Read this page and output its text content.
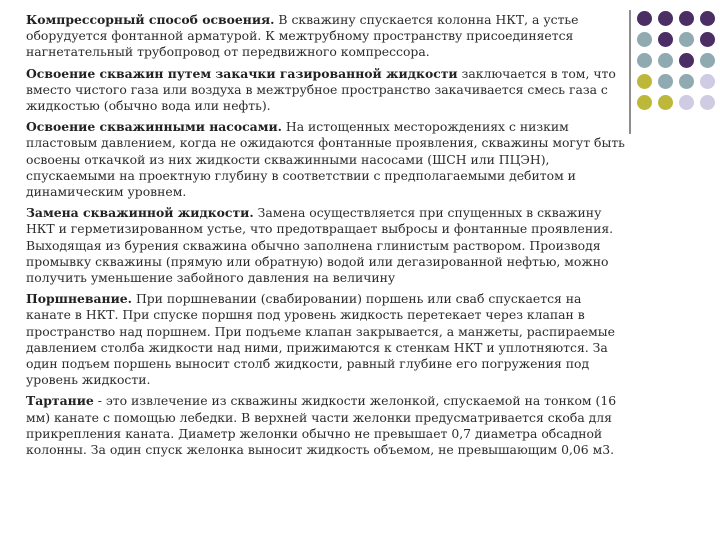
Компрессорный способ освоения. В скважину спускается колонна НКТ, а устье оборудуется фонтанной арматурой. К межтрубному пространству присоединяется нагнетательный трубопровод от передвижного компрессора.

Освоение скважин путем закачки газированной жидкости заключается в том, что вместо чистого газа или воздуха в межтрубное пространство закачивается смесь газа с жидкостью (обычно вода или нефть).

Освоение скважинными насосами. На истощенных месторождениях с низким пластовым давлением, когда не ожидаются фонтанные проявления, скважины могут быть освоены откачкой из них жидкости скважинными насосами (ШСН или ПЦЭН), спускаемыми на проектную глубину в соответствии с предполагаемыми дебитом и динамическим уровнем.

Замена скважинной жидкости. Замена осуществляется при спущенных в скважину НКТ и герметизированном устье, что предотвращает выбросы и фонтанные проявления. Выходящая из бурения скважина обычно заполнена глинистым раствором. Производя промывку скважины (прямую или обратную) водой или дегазированной нефтью, можно получить уменьшение забойного давления на величину

Поршневание. При поршневании (свабировании) поршень или сваб спускается на канате в НКТ. При спуске поршня под уровень жидкость перетекает через клапан в пространство над поршнем. При подъеме клапан закрывается, а манжеты, распираемые давлением столба жидкости над ними, прижимаются к стенкам НКТ и уплотняются. За один подъем поршень выносит столб жидкости, равный глубине его погружения под уровень жидкости.

Тартание - это извлечение из скважины жидкости желонкой, спускаемой на тонком (16 мм) канате с помощью лебедки. В верхней части желонки предусматривается скоба для прикрепления каната. Диаметр желонки обычно не превышает 0,7 диаметра обсадной колонны. За один спуск желонка выносит жидкость объемом, не превышающим 0,06 м3.
